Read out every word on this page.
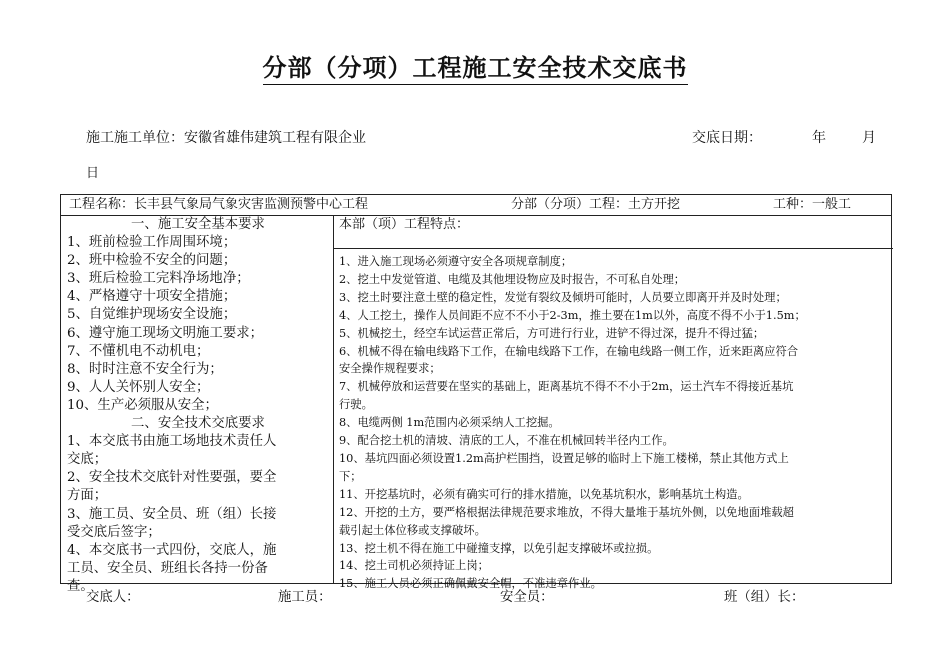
分部（分项）工程施工安全技术交底书
施工施工单位：安徽省雄伟建筑工程有限企业	交底日期：	年	月
日
工程名称：长丰县气象局气象灾害监测预警中心工程	分部（分项）工程：土方开挖	工种：一般工
一、施工安全基本要求
1、班前检验工作周围环境；
2、班中检验不安全的问题；
3、班后检验工完料净场地净；
4、严格遵守十项安全措施；
5、自觉维护现场安全设施；
6、遵守施工现场文明施工要求；
7、不懂机电不动机电；
8、时时注意不安全行为；
9、人人关怀别人安全；
10、生产必须服从安全；
二、安全技术交底要求
1、本交底书由施工场地技术责任人
交底；
2、安全技术交底针对性要强，要全
方面；
3、施工员、安全员、班（组）长接
受交底后签字；
4、本交底书一式四份，交底人，施
工员、安全员、班组长各持一份备
查。
本部（项）工程特点：
1、进入施工现场必须遵守安全各项规章制度；
2、挖土中发觉管道、电缆及其他埋设物应及时报告，不可私自处理；
3、挖土时要注意土壁的稳定性，发觉有裂纹及倾坍可能时，人员要立即离开并及时处理；
4、人工挖土，操作人员间距不应不不小于2-3m，推土要在1m以外，高度不得不小于1.5m；
5、机械挖土，经空车试运营正常后，方可进行行业，进铲不得过深，提升不得过猛；
6、机械不得在输电线路下工作，在输电线路下工作，在输电线路一侧工作，近来距离应符合
安全操作规程要求；
7、机械停放和运营要在坚实的基础上，距离基坑不得不不小于2m，运土汽车不得接近基坑
行驶。
8、电缆两侧 1m范围内必须采纳人工挖掘。
9、配合挖土机的清坡、清底的工人，不准在机械回转半径内工作。
10、基坑四面必须设置1.2m高护栏围挡，设置足够的临时上下施工楼梯，禁止其他方式上
下；
11、开挖基坑时，必须有确实可行的排水措施，以免基坑积水，影响基坑土构造。
12、开挖的土方，要严格根据法律规范要求堆放，不得大量堆于基坑外侧，以免地面堆载超
载引起土体位移或支撑破坏。
13、挖土机不得在施工中碰撞支撑，以免引起支撑破坏或拉损。
14、挖土司机必须持证上岗；
15、施工人员必须正确佩戴安全帽，不准违章作业。
交底人：	施工员：	安全员：	班（组）长：
